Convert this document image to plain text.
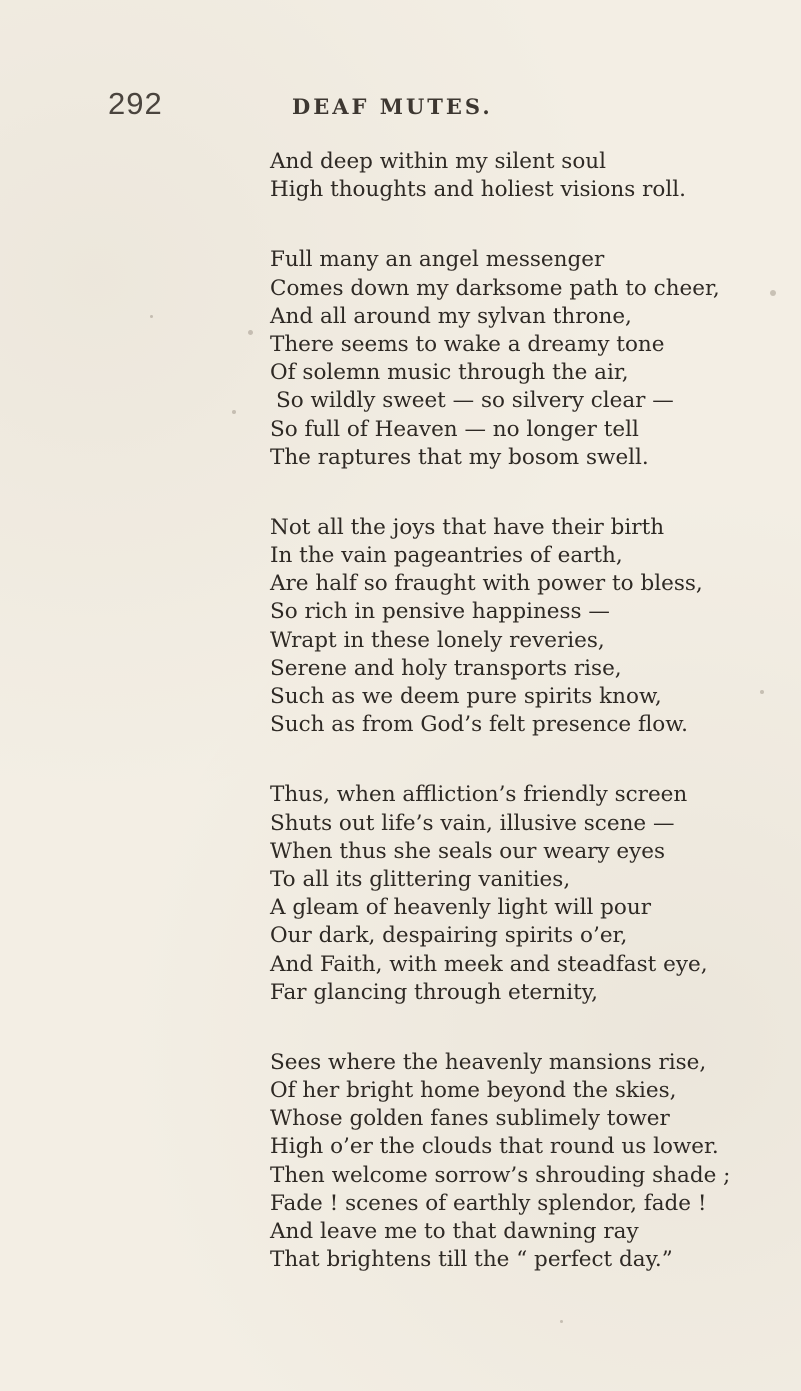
292	DEAF MUTES.
And deep within my silent soul
High thoughts and holiest visions roll.
Full many an angel messenger
Comes down my darksome path to cheer,
And all around my sylvan throne,
There seems to wake a dreamy tone
Of solemn music through the air,
So wildly sweet — so silvery clear —
So full of Heaven — no longer tell
The raptures that my bosom swell.
Not all the joys that have their birth
In the vain pageantries of earth,
Are half so fraught with power to bless,
So rich in pensive happiness —
Wrapt in these lonely reveries,
Serene and holy transports rise,
Such as we deem pure spirits know,
Such as from God’s felt presence flow.
Thus, when affliction’s friendly screen
Shuts out life’s vain, illusive scene —
When thus she seals our weary eyes
To all its glittering vanities,
A gleam of heavenly light will pour
Our dark, despairing spirits o’er,
And Faith, with meek and steadfast eye,
Far glancing through eternity,
Sees where the heavenly mansions rise,
Of her bright home beyond the skies,
Whose golden fanes sublimely tower
High o’er the clouds that round us lower.
Then welcome sorrow’s shrouding shade ;
Fade ! scenes of earthly splendor, fade !
And leave me to that dawning ray
That brightens till the “ perfect day.”
